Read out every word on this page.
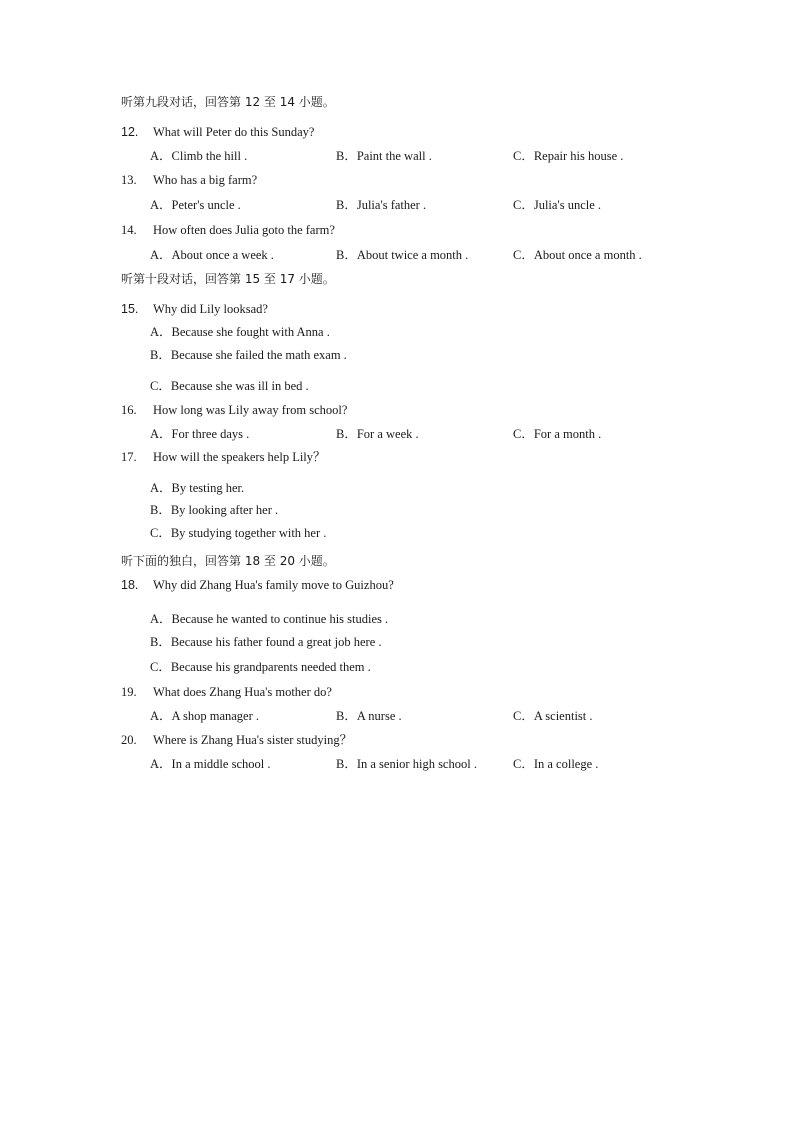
听第九段对话，回答第 12 至 14 小题。
12. What will Peter do this Sunday?
A．Climb the hill .	B．Paint the wall .	C．Repair his house .
13. Who has a big farm?
A．Peter's uncle .	B．Julia's father .	C．Julia's uncle .
14. How often does Julia goto the farm?
A．About once a week .	B．About twice a month .	C．About once a month .
听第十段对话，回答第 15 至 17 小题。
15. Why did Lily looksad?
A．Because she fought with Anna .
B．Because she failed the math exam .
C．Because she was ill in bed .
16. How long was Lily away from school?
A．For three days .	B．For a week .	C．For a month .
17. How will the speakers help Lily？
A．By testing her.
B．By looking after her .
C．By studying together with her .
听下面的独白，回答第 18 至 20 小题。
18. Why did Zhang Hua's family move to Guizhou?
A．Because he wanted to continue his studies .
B．Because his father found a great job here .
C．Because his grandparents needed them .
19. What does Zhang Hua's mother do?
A．A shop manager .	B．A nurse .	C．A scientist .
20. Where is Zhang Hua's sister studying？
A．In a middle school .	B．In a senior high school .	C．In a college .
